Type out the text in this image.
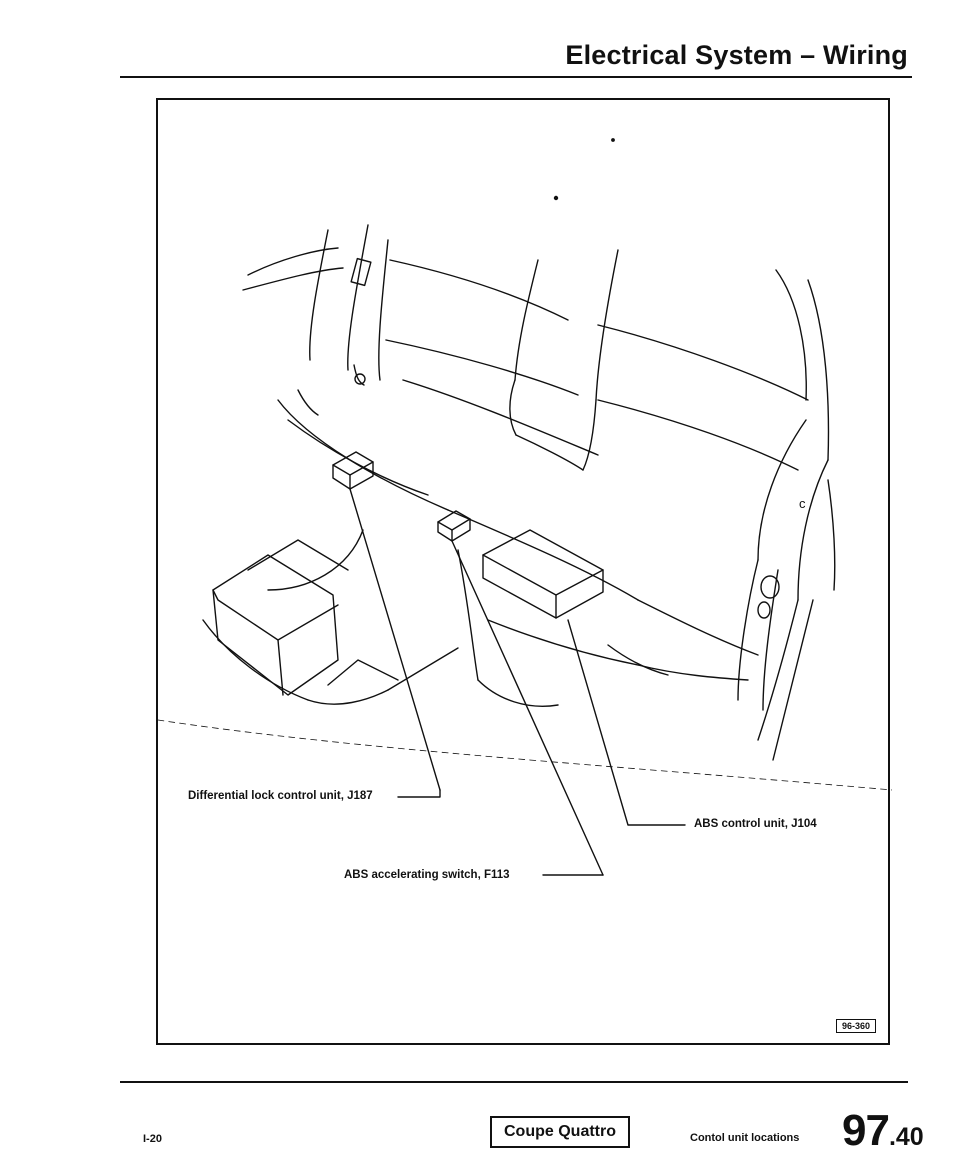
Electrical System – Wiring
c
Differential lock control unit, J187
ABS control unit, J104
ABS accelerating switch, F113
96-360
I-20	Coupe Quattro	Contol unit locations 97.40
